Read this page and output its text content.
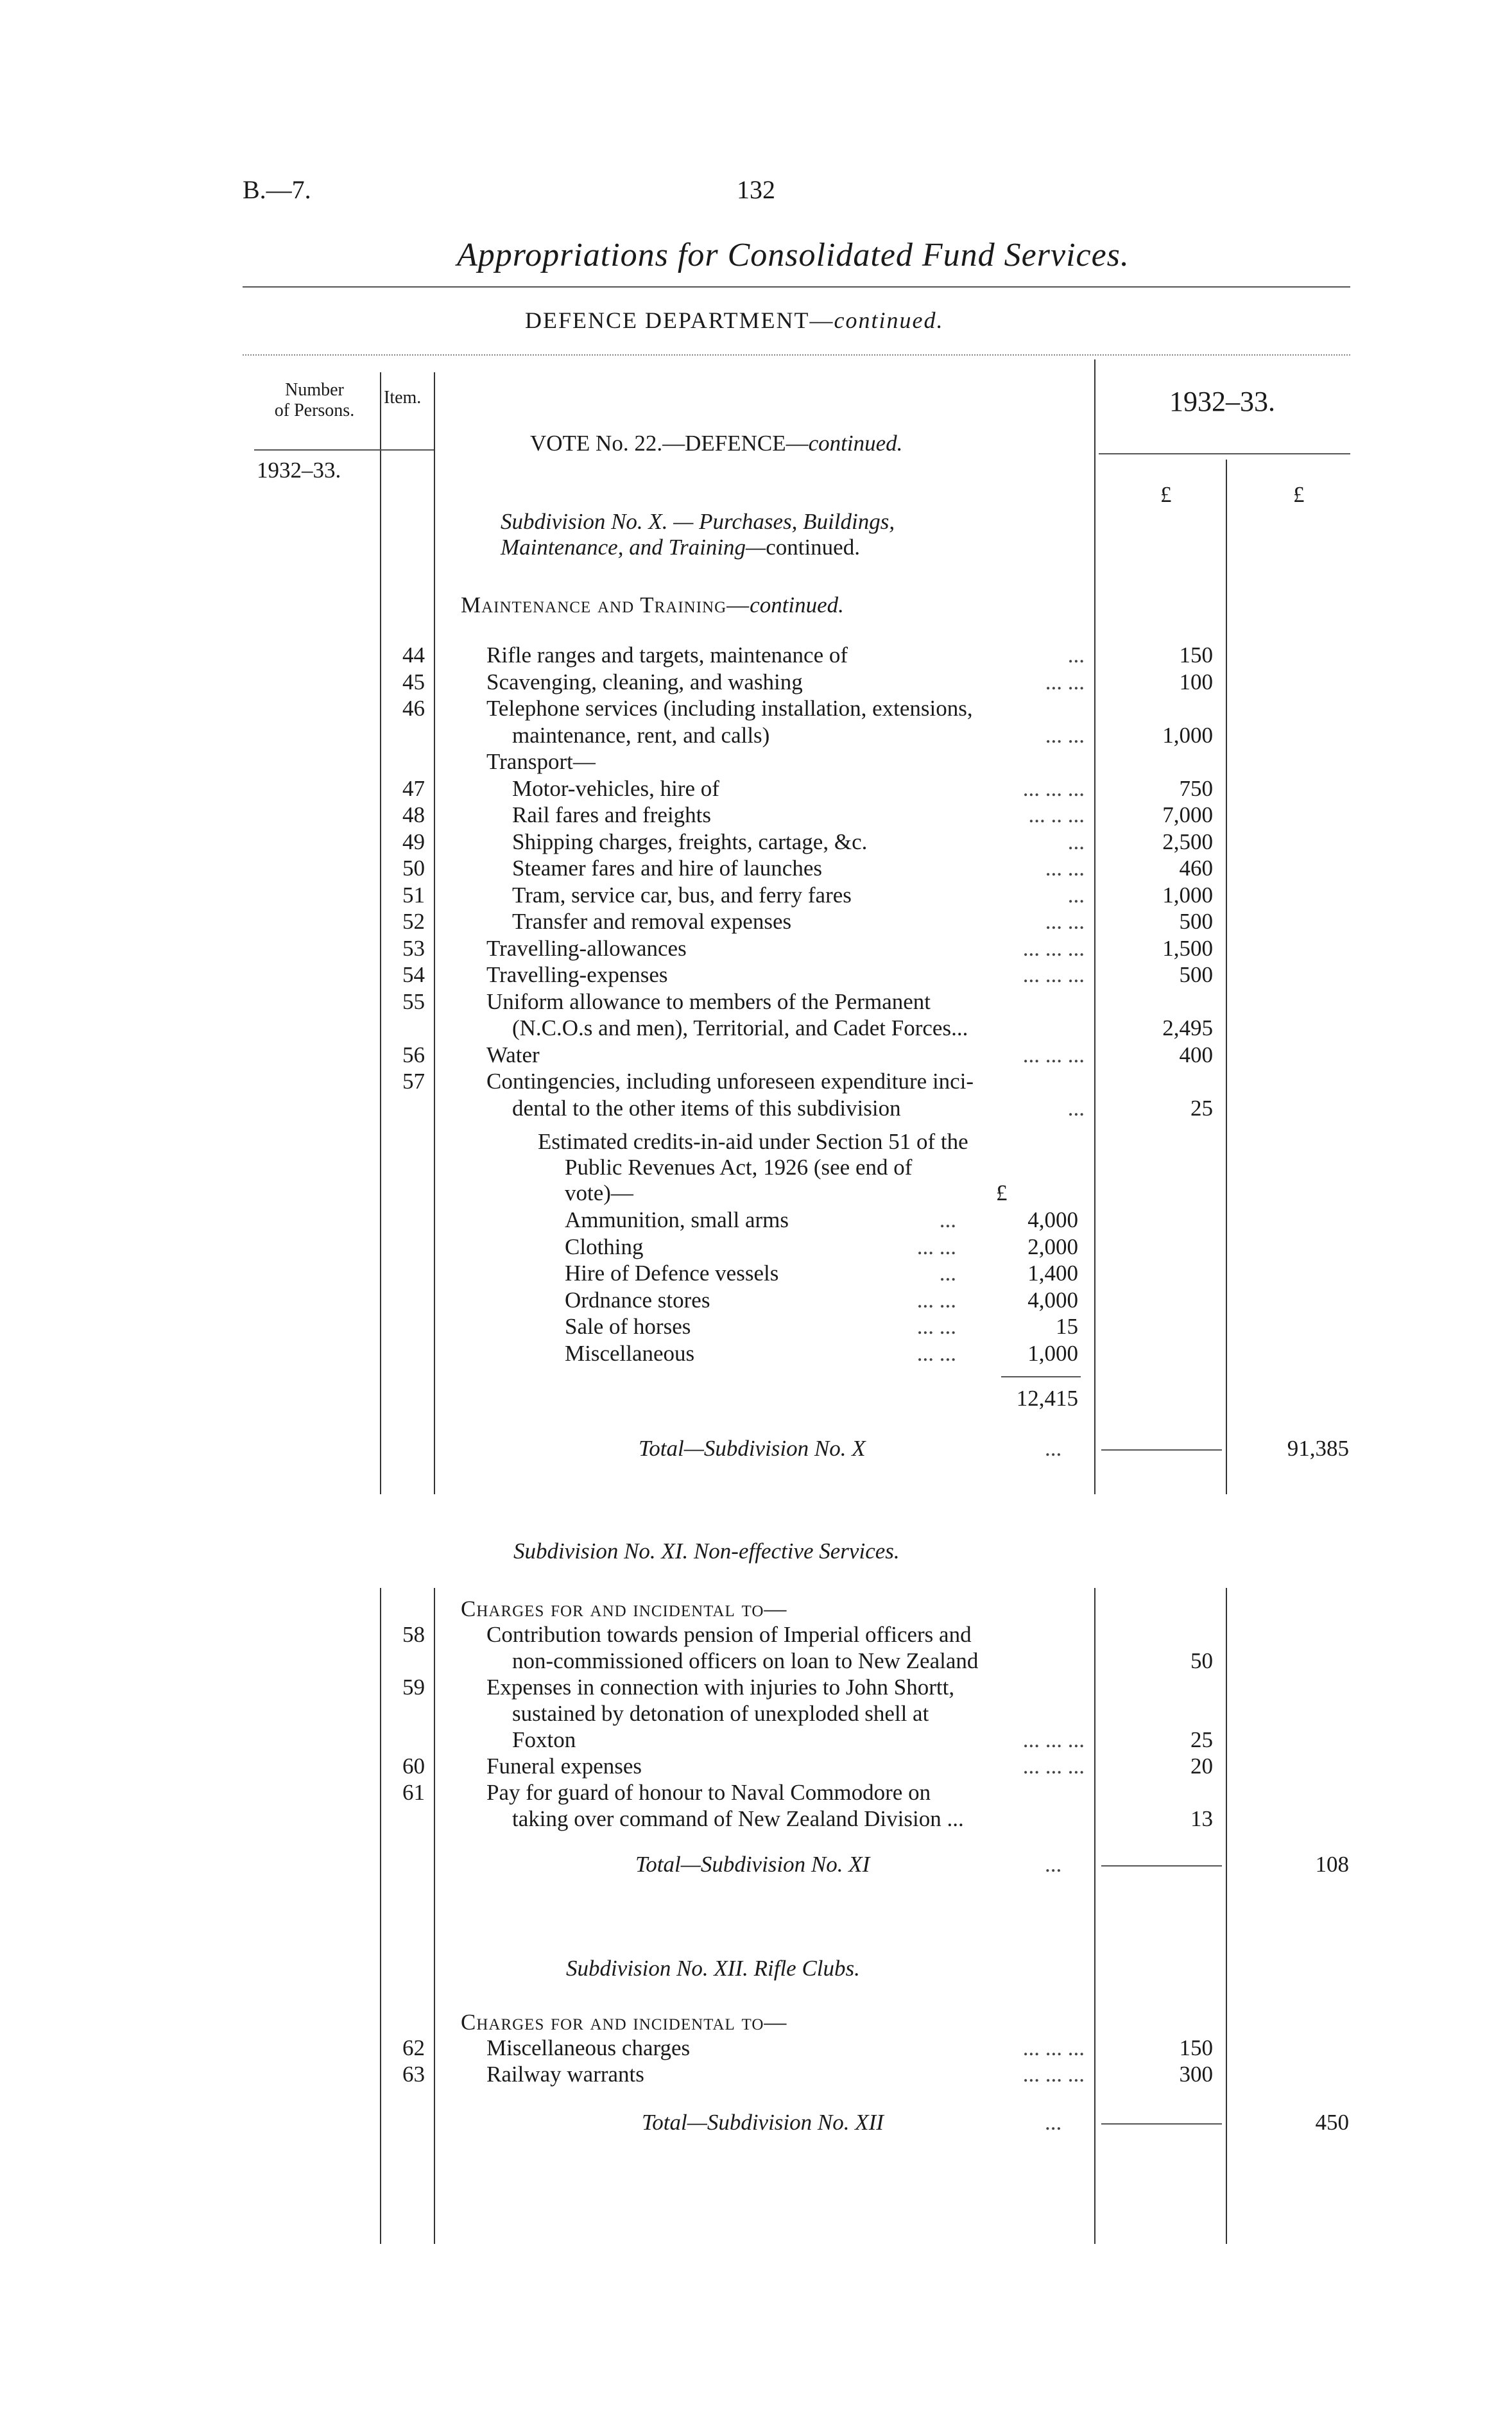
B.—7.	132
Appropriations for Consolidated Fund Services.
DEFENCE DEPARTMENT—continued.
Number
of Persons.
Item.
1932–33.
1932–33.
£	£
VOTE No. 22.—DEFENCE—continued.
Subdivision No. X. — Purchases, Buildings,
Maintenance, and Training—continued.
Maintenance and Training—continued.
44	Rifle ranges and targets, maintenance of	...	150
45	Scavenging, cleaning, and washing	... ...	100
46	Telephone services (including installation, extensions,
maintenance, rent, and calls)	... ...	1,000
Transport—
47	Motor-vehicles, hire of	... ... ...	750
48	Rail fares and freights	... .. ...	7,000
49	Shipping charges, freights, cartage, &c.	...	2,500
50	Steamer fares and hire of launches	... ...	460
51	Tram, service car, bus, and ferry fares	...	1,000
52	Transfer and removal expenses	... ...	500
53	Travelling-allowances	... ... ...	1,500
54	Travelling-expenses	... ... ...	500
55	Uniform allowance to members of the Permanent
(N.C.O.s and men), Territorial, and Cadet Forces...	2,495
56	Water	... ... ...	400
57	Contingencies, including unforeseen expenditure inci-
dental to the other items of this subdivision	...	25
Estimated credits-in-aid under Section 51 of the
Public Revenues Act, 1926 (see end of
vote)—	£
Ammunition, small arms	...	4,000
Clothing	... ...	2,000
Hire of Defence vessels	...	1,400
Ordnance stores	... ...	4,000
Sale of horses	... ...	15
Miscellaneous	... ...	1,000
12,415
Total—Subdivision No. X	...	91,385
Subdivision No. XI. Non-effective Services.
Charges for and incidental to—
58	Contribution towards pension of Imperial officers and
non-commissioned officers on loan to New Zealand	50
59	Expenses in connection with injuries to John Shortt,
sustained by detonation of unexploded shell at
Foxton	... ... ...	25
60	Funeral expenses	... ... ...	20
61	Pay for guard of honour to Naval Commodore on
taking over command of New Zealand Division ...	13
Total—Subdivision No. XI	...	108
Subdivision No. XII. Rifle Clubs.
Charges for and incidental to—
62	Miscellaneous charges	... ... ...	150
63	Railway warrants	... ... ...	300
Total—Subdivision No. XII	...	450
